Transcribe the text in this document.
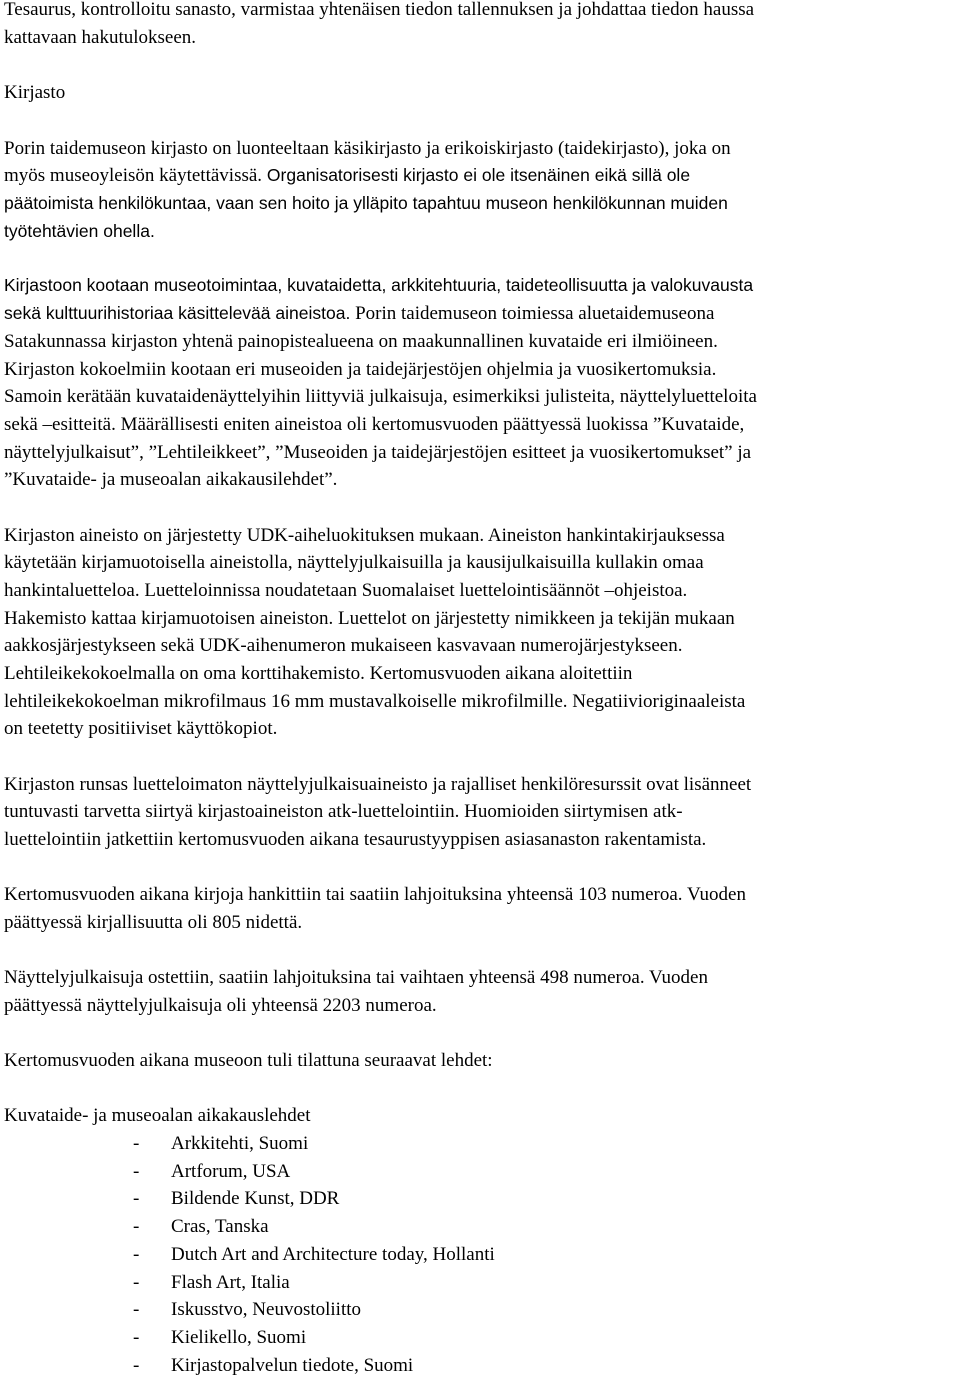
Tesaurus, kontrolloitu sanasto, varmistaa yhtenäisen tiedon tallennuksen ja johdattaa tiedon haussa
kattavaan hakutulokseen.
Kirjasto
Porin taidemuseon kirjasto on luonteeltaan käsikirjasto ja erikoiskirjasto (taidekirjasto), joka on
myös museoyleisön käytettävissä. Organisatorisesti kirjasto ei ole itsenäinen eikä sillä ole
päätoimista henkilökuntaa, vaan sen hoito ja ylläpito tapahtuu museon henkilökunnan muiden
työtehtävien ohella.
Kirjastoon kootaan museotoimintaa, kuvataidetta, arkkitehtuuria, taideteollisuutta ja valokuvausta
sekä kulttuurihistoriaa käsittelevää aineistoa. Porin taidemuseon toimiessa aluetaidemuseona
Satakunnassa kirjaston yhtenä painopistealueena on maakunnallinen kuvataide eri ilmiöineen.
Kirjaston kokoelmiin kootaan eri museoiden ja taidejärjestöjen ohjelmia ja vuosikertomuksia.
Samoin kerätään kuvataidenäyttelyihin liittyviä julkaisuja, esimerkiksi julisteita, näyttelyluetteloita
sekä –esitteitä. Määrällisesti eniten aineistoa oli kertomusvuoden päättyessä luokissa ”Kuvataide,
näyttelyjulkaisut”, ”Lehtileikkeet”, ”Museoiden ja taidejärjestöjen esitteet ja vuosikertomukset” ja
”Kuvataide- ja museoalan aikakausilehdet”.
Kirjaston aineisto on järjestetty UDK-aiheluokituksen mukaan. Aineiston hankintakirjauksessa
käytetään kirjamuotoisella aineistolla, näyttelyjulkaisuilla ja kausijulkaisuilla kullakin omaa
hankintaluetteloa. Luetteloinnissa noudatetaan Suomalaiset luettelointisäännöt –ohjeistoa.
Hakemisto kattaa kirjamuotoisen aineiston. Luettelot on järjestetty nimikkeen ja tekijän mukaan
aakkosjärjestykseen sekä UDK-aihenumeron mukaiseen kasvavaan numerojärjestykseen.
Lehtileikekokoelmalla on oma korttihakemisto. Kertomusvuoden aikana aloitettiin
lehtileikekokoelman mikrofilmaus 16 mm mustavalkoiselle mikrofilmille. Negatiivioriginaaleista
on teetetty positiiviset käyttökopiot.
Kirjaston runsas luetteloimaton näyttelyjulkaisuaineisto ja rajalliset henkilöresurssit ovat lisänneet
tuntuvasti tarvetta siirtyä kirjastoaineiston atk-luettelointiin. Huomioiden siirtymisen atk-
luettelointiin jatkettiin kertomusvuoden aikana tesaurustyyppisen asiasanaston rakentamista.
Kertomusvuoden aikana kirjoja hankittiin tai saatiin lahjoituksina yhteensä 103 numeroa. Vuoden
päättyessä kirjallisuutta oli 805 nidettä.
Näyttelyjulkaisuja ostettiin, saatiin lahjoituksina tai vaihtaen yhteensä 498 numeroa. Vuoden
päättyessä näyttelyjulkaisuja oli yhteensä 2203 numeroa.
Kertomusvuoden aikana museoon tuli tilattuna seuraavat lehdet:
Kuvataide- ja museoalan aikakauslehdet
- Arkkitehti, Suomi
- Artforum, USA
- Bildende Kunst, DDR
- Cras, Tanska
- Dutch Art and Architecture today, Hollanti
- Flash Art, Italia
- Iskusstvo, Neuvostoliitto
- Kielikello, Suomi
- Kirjastopalvelun tiedote, Suomi
